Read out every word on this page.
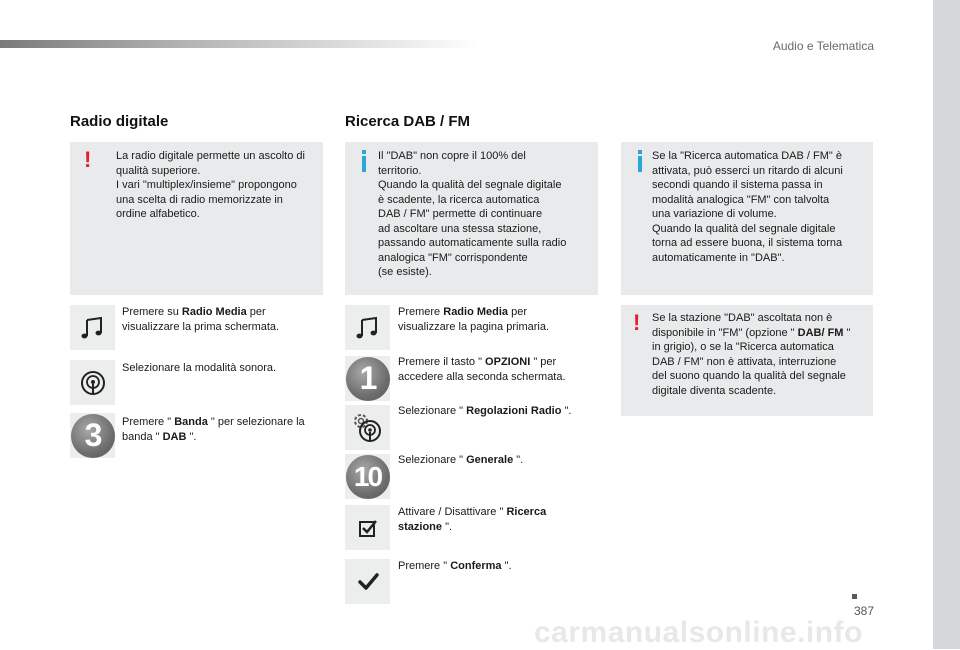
Audio e Telematica
Radio digitale
! La radio digitale permette un ascolto di
qualità superiore.
I vari "multiplex/insieme" propongono
una scelta di radio memorizzate in
ordine alfabetico.
Premere su Radio Media per
visualizzare la prima schermata.
Selezionare la modalità sonora.
3	Premere " Banda " per selezionare la
banda " DAB ".
Ricerca DAB / FM
Il "DAB" non copre il 100% del
territorio.
Quando la qualità del segnale digitale
è scadente, la ricerca automatica
DAB / FM" permette di continuare
ad ascoltare una stessa stazione,
passando automaticamente sulla radio
analogica "FM" corrispondente
(se esiste).
Premere Radio Media per
visualizzare la pagina primaria.
1	Premere il tasto " OPZIONI " per
accedere alla seconda schermata.
Selezionare " Regolazioni Radio ".
10
Selezionare " Generale ".
Attivare / Disattivare " Ricerca
stazione ".
Premere " Conferma ".
Se la "Ricerca automatica DAB / FM" è
attivata, può esserci un ritardo di alcuni
secondi quando il sistema passa in
modalità analogica "FM" con talvolta
una variazione di volume.
Quando la qualità del segnale digitale
torna ad essere buona, il sistema torna
automaticamente in "DAB".
! Se la stazione "DAB" ascoltata non è
disponibile in "FM" (opzione " DAB/ FM "
in grigio), o se la "Ricerca automatica
DAB / FM" non è attivata, interruzione
del suono quando la qualità del segnale
digitale diventa scadente.
387
carmanualsonline.info
